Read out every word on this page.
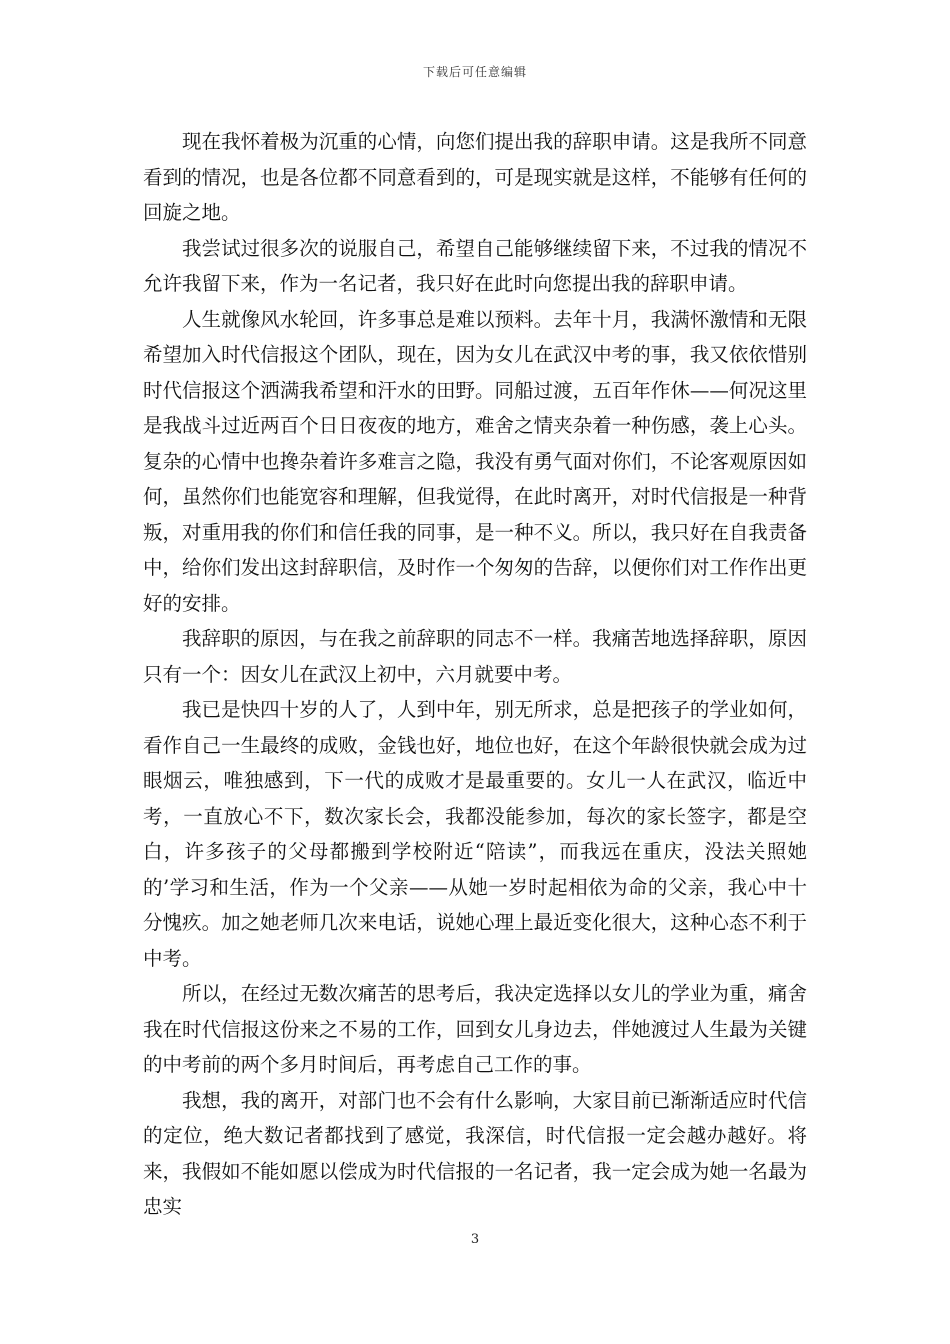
下载后可任意编辑

现在我怀着极为沉重的心情，向您们提出我的辞职申请。这是我所不同意看到的情况，也是各位都不同意看到的，可是现实就是这样，不能够有任何的回旋之地。

我尝试过很多次的说服自己，希望自己能够继续留下来，不过我的情况不允许我留下来，作为一名记者，我只好在此时向您提出我的辞职申请。

人生就像风水轮回，许多事总是难以预料。去年十月，我满怀激情和无限希望加入时代信报这个团队，现在，因为女儿在武汉中考的事，我又依依惜别时代信报这个洒满我希望和汗水的田野。同船过渡，五百年作休——何况这里是我战斗过近两百个日日夜夜的地方，难舍之情夹杂着一种伤感，袭上心头。复杂的心情中也搀杂着许多难言之隐，我没有勇气面对你们，不论客观原因如何，虽然你们也能宽容和理解，但我觉得，在此时离开，对时代信报是一种背叛，对重用我的你们和信任我的同事，是一种不义。所以，我只好在自我责备中，给你们发出这封辞职信，及时作一个匆匆的告辞，以便你们对工作作出更好的安排。

我辞职的原因，与在我之前辞职的同志不一样。我痛苦地选择辞职，原因只有一个：因女儿在武汉上初中，六月就要中考。

我已是快四十岁的人了，人到中年，别无所求，总是把孩子的学业如何，看作自己一生最终的成败，金钱也好，地位也好，在这个年龄很快就会成为过眼烟云，唯独感到，下一代的成败才是最重要的。女儿一人在武汉，临近中考，一直放心不下，数次家长会，我都没能参加，每次的家长签字，都是空白，许多孩子的父母都搬到学校附近“陪读”，而我远在重庆，没法关照她的’学习和生活，作为一个父亲——从她一岁时起相依为命的父亲，我心中十分愧疚。加之她老师几次来电话，说她心理上最近变化很大，这种心态不利于中考。

所以，在经过无数次痛苦的思考后，我决定选择以女儿的学业为重，痛舍我在时代信报这份来之不易的工作，回到女儿身边去，伴她渡过人生最为关键的中考前的两个多月时间后，再考虑自己工作的事。

我想，我的离开，对部门也不会有什么影响，大家目前已渐渐适应时代信的定位，绝大数记者都找到了感觉，我深信，时代信报一定会越办越好。将来，我假如不能如愿以偿成为时代信报的一名记者，我一定会成为她一名最为忠实

3
